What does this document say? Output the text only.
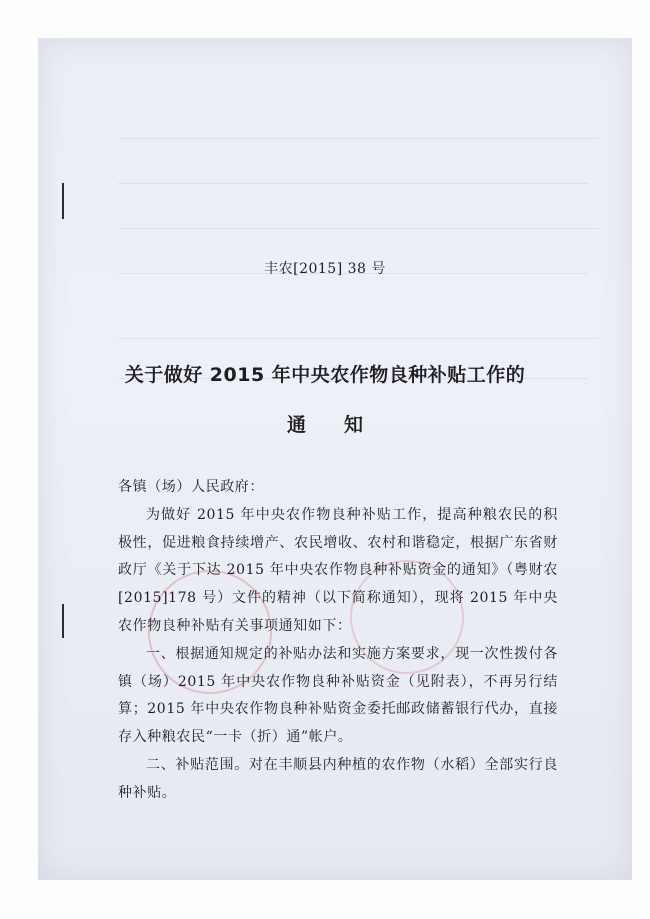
丰农[2015] 38 号
关于做好 2015 年中央农作物良种补贴工作的
通知

各镇（场）人民政府：

为做好 2015 年中央农作物良种补贴工作，提高种粮农民的积极性，促进粮食持续增产、农民增收、农村和谐稳定，根据广东省财政厅《关于下达 2015 年中央农作物良种补贴资金的通知》（粤财农[2015]178 号）文件的精神（以下简称通知），现将 2015 年中央农作物良种补贴有关事项通知如下：

一、根据通知规定的补贴办法和实施方案要求，现一次性拨付各镇（场）2015 年中央农作物良种补贴资金（见附表），不再另行结算；2015 年中央农作物良种补贴资金委托邮政储蓄银行代办，直接存入种粮农民“一卡（折）通”帐户。

二、补贴范围。对在丰顺县内种植的农作物（水稻）全部实行良种补贴。
